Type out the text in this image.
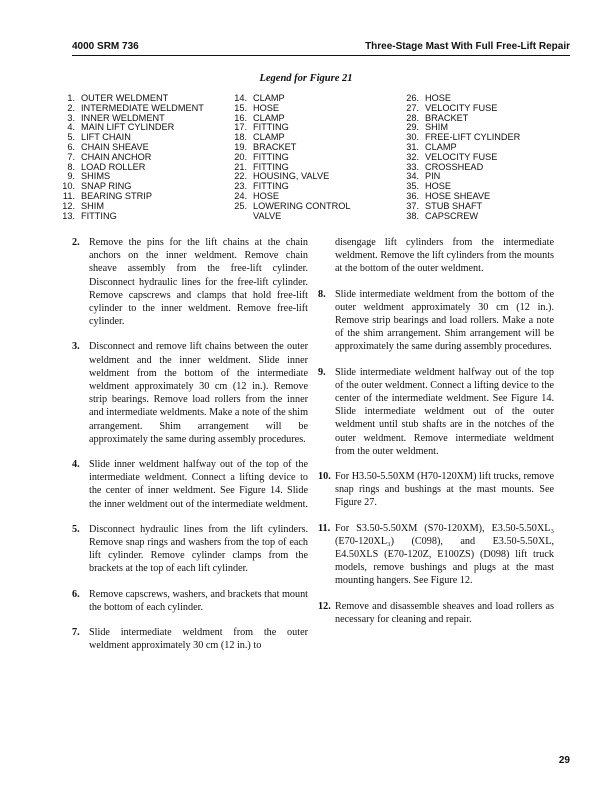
4000 SRM 736	Three-Stage Mast With Full Free-Lift Repair
Legend for Figure 21
1. OUTER WELDMENT
2. INTERMEDIATE WELDMENT
3. INNER WELDMENT
4. MAIN LIFT CYLINDER
5. LIFT CHAIN
6. CHAIN SHEAVE
7. CHAIN ANCHOR
8. LOAD ROLLER
9. SHIMS
10. SNAP RING
11. BEARING STRIP
12. SHIM
13. FITTING
14. CLAMP
15. HOSE
16. CLAMP
17. FITTING
18. CLAMP
19. BRACKET
20. FITTING
21. FITTING
22. HOUSING, VALVE
23. FITTING
24. HOSE
25. LOWERING CONTROL
VALVE
26. HOSE
27. VELOCITY FUSE
28. BRACKET
29. SHIM
30. FREE-LIFT CYLINDER
31. CLAMP
32. VELOCITY FUSE
33. CROSSHEAD
34. PIN
35. HOSE
36. HOSE SHEAVE
37. STUB SHAFT
38. CAPSCREW
2. Remove the pins for the lift chains at the chain anchors on the inner weldment. Remove chain sheave assembly from the free-lift cylinder. Disconnect hydraulic lines for the free-lift cylinder. Remove capscrews and clamps that hold free-lift cylinder to the inner weldment. Remove free-lift cylinder.
3. Disconnect and remove lift chains between the outer weldment and the inner weldment. Slide inner weldment from the bottom of the intermediate weldment approximately 30 cm (12 in.). Remove strip bearings. Remove load rollers from the inner and intermediate weldments. Make a note of the shim arrangement. Shim arrangement will be approximately the same during assembly procedures.
4. Slide inner weldment halfway out of the top of the intermediate weldment. Connect a lifting device to the center of inner weldment. See Figure 14. Slide the inner weldment out of the intermediate weldment.
5. Disconnect hydraulic lines from the lift cylinders. Remove snap rings and washers from the top of each lift cylinder. Remove cylinder clamps from the brackets at the top of each lift cylinder.
6. Remove capscrews, washers, and brackets that mount the bottom of each cylinder.
7. Slide intermediate weldment from the outer weldment approximately 30 cm (12 in.) to
disengage lift cylinders from the intermediate weldment. Remove the lift cylinders from the mounts at the bottom of the outer weldment.
8. Slide intermediate weldment from the bottom of the outer weldment approximately 30 cm (12 in.). Remove strip bearings and load rollers. Make a note of the shim arrangement. Shim arrangement will be approximately the same during assembly procedures.
9. Slide intermediate weldment halfway out of the top of the outer weldment. Connect a lifting device to the center of the intermediate weldment. See Figure 14. Slide intermediate weldment out of the outer weldment until stub shafts are in the notches of the outer weldment. Remove intermediate weldment from the outer weldment.
10. For H3.50-5.50XM (H70-120XM) lift trucks, remove snap rings and bushings at the mast mounts. See Figure 27.
11. For S3.50-5.50XM (S70-120XM), E3.50-5.50XL₃ (E70-120XL₃) (C098), and E3.50-5.50XL, E4.50XLS (E70-120Z, E100ZS) (D098) lift truck models, remove bushings and plugs at the mast mounting hangers. See Figure 12.
12. Remove and disassemble sheaves and load rollers as necessary for cleaning and repair.
29
